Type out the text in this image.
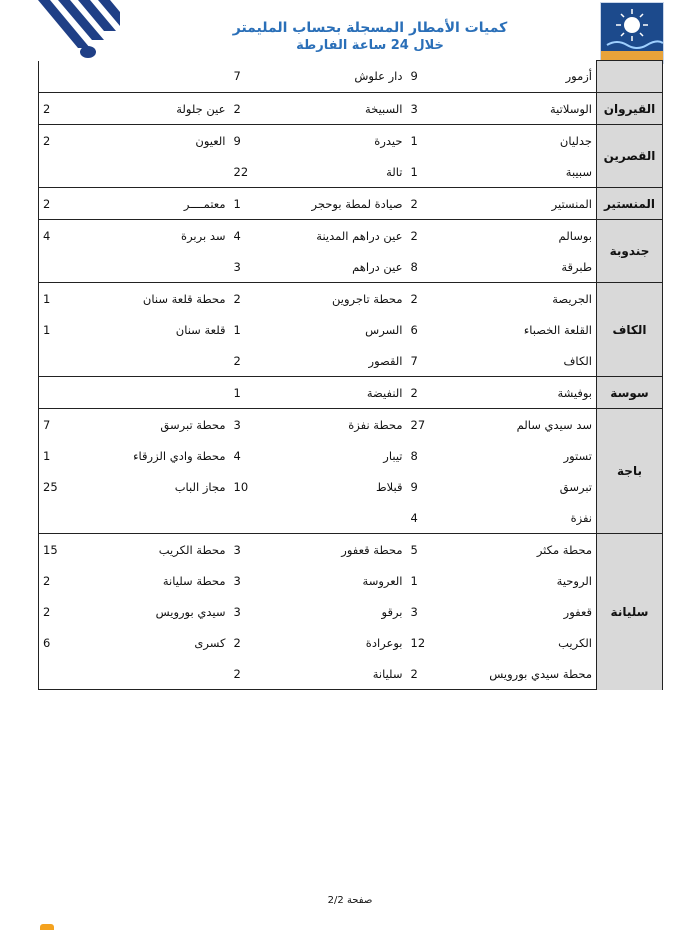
كميات الأمطار المسجلة بحساب المليمتر
خلال 24 ساعة الفارطة
	أزمور	9	دار علوش	7		
القيروان	الوسلاتية	3	السبيخة	2	عين جلولة	2
القصرين	جدليان	1	حيدرة	9	العيون	2
	سبيبة	1	تالة	22		
المنستير	المنستير	2	صيادة لمطة بوحجر	1	معتمــــر	2
جندوبة	بوسالم	2	عين دراهم المدينة	4	سد بربرة	4
	طبرقة	8	عين دراهم	3		
الكاف	الجريصة	2	محطة تاجروين	2	محطة قلعة سنان	1
	القلعة الخصباء	6	السرس	1	قلعة سنان	1
	الكاف	7	القصور	2		
سوسة	بوفيشة	2	النفيضة	1		
باجة	سد سيدي سالم	27	محطة نفزة	3	محطة تبرسق	7
	تستور	8	تيبار	4	محطة وادي الزرقاء	1
	تبرسق	9	قبلاط	10	مجاز الباب	25
	نفزة	4				
سليانة	محطة مكثر	5	محطة قعفور	3	محطة الكريب	15
	الروحية	1	العروسة	3	محطة سليانة	2
	قعفور	3	برقو	3	سيدي بورويس	2
	الكريب	12	بوعرادة	2	كسرى	6
	محطة سيدي بورويس	2	سليانة	2		
صفحة 2/2
